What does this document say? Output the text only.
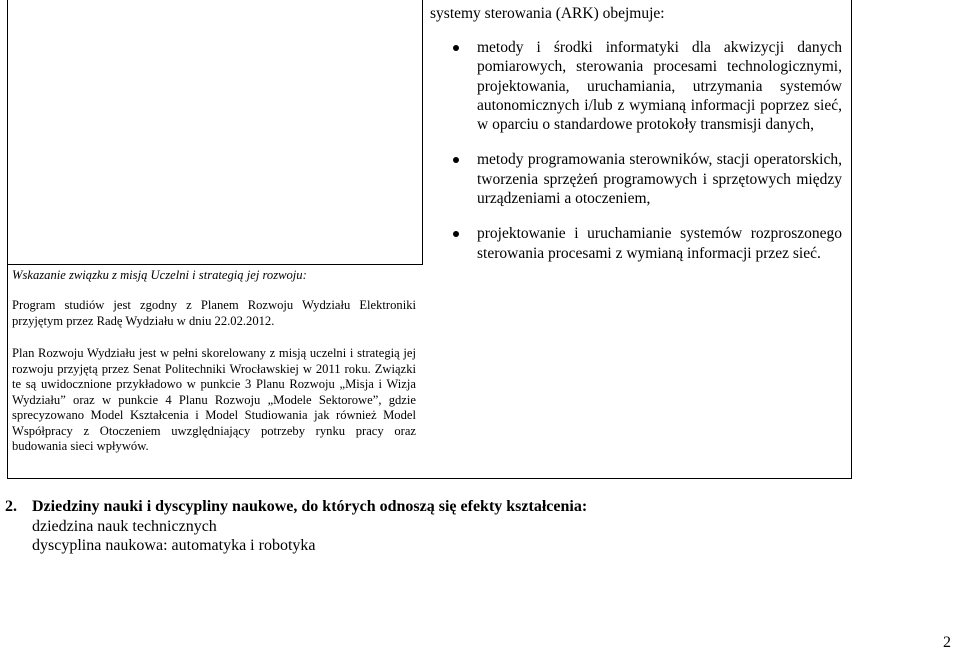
systemy sterowania (ARK) obejmuje:

metody i środki informatyki dla akwizycji danych pomiarowych, sterowania procesami technologicznymi, projektowania, uruchamiania, utrzymania systemów autonomicznych i/lub z wymianą informacji poprzez sieć, w oparciu o standardowe protokoły transmisji danych,
metody programowania sterowników, stacji operatorskich, tworzenia sprzężeń programowych i sprzętowych między urządzeniami a otoczeniem,
projektowanie i uruchamianie systemów rozproszonego sterowania procesami z wymianą informacji przez sieć.

Wskazanie związku z misją Uczelni i strategią jej rozwoju:

Program studiów jest zgodny z Planem Rozwoju Wydziału Elektroniki przyjętym przez Radę Wydziału w dniu 22.02.2012.

Plan Rozwoju Wydziału jest w pełni skorelowany z misją uczelni i strategią jej rozwoju przyjętą przez Senat Politechniki Wrocławskiej w 2011 roku. Związki te są uwidocznione przykładowo w punkcie 3 Planu Rozwoju „Misja i Wizja Wydziału” oraz w punkcie 4 Planu Rozwoju „Modele Sektorowe”, gdzie sprecyzowano Model Kształcenia i Model Studiowania jak również Model Współpracy z Otoczeniem uwzględniający potrzeby rynku pracy oraz budowania sieci wpływów.

2. Dziedziny nauki i dyscypliny naukowe, do których odnoszą się efekty kształcenia:
dziedzina nauk technicznych
dyscyplina naukowa: automatyka i robotyka
2
